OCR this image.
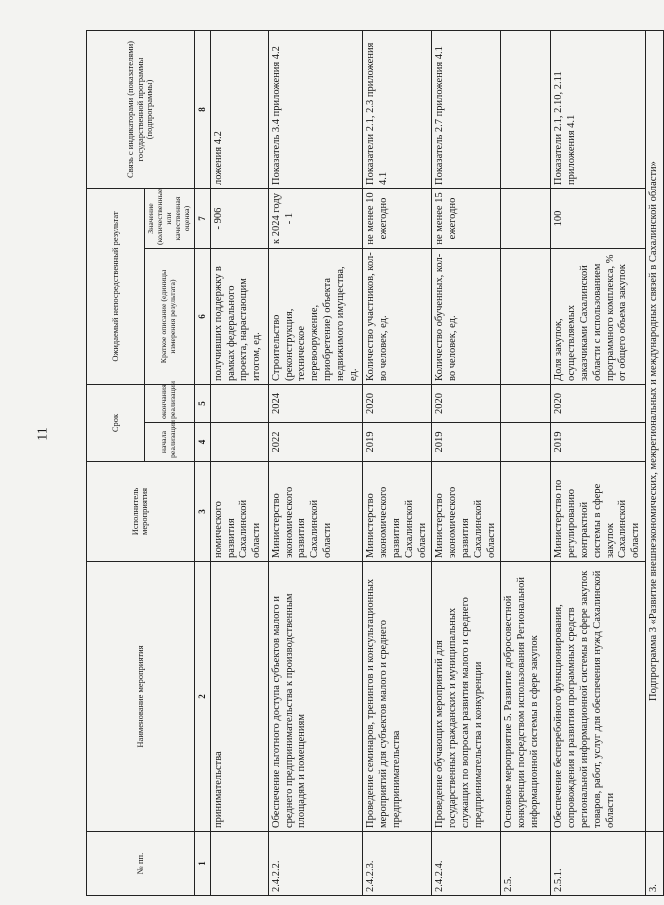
11
№ пп.	Наименование мероприятия	Исполнитель мероприятия	Срок		Ожидаемый непосредственный результат		Связь с индикаторами (показателями) государственной программы (подпрограммы)
			начала реализации	окончания реализации	Краткое описание (единицы измерения результата)	Значение (количественные или качественная оценка)	
1	2	3	4	5	6	7	8
	принимательства	номического развития Сахалинской области			получивших поддержку в рамках федерального проекта, нарастающим итогом, ед.	- 906	ложения 4.2
2.4.2.2.	Обеспечение льготного доступа субъектов малого и среднего предпринимательства к производственным площадям и помещениям	Министерство экономического развития Сахалинской области	2022	2024	Строительство (реконструкция, техническое перевооружение, приобретение) объекта недвижимого имущества, ед.	к 2024 году - 1	Показатель 3.4 приложения 4.2
2.4.2.3.	Проведение семинаров, тренингов и консультационных мероприятий для субъектов малого и среднего предпринимательства	Министерство экономического развития Сахалинской области	2019	2020	Количество участников, кол-во человек, ед.	не менее 10 ежегодно	Показатели 2.1, 2.3 приложения 4.1
2.4.2.4.	Проведение обучающих мероприятий для государственных гражданских и муниципальных служащих по вопросам развития малого и среднего предпринимательства и конкуренции	Министерство экономического развития Сахалинской области	2019	2020	Количество обученных, кол-во человек, ед.	не менее 15 ежегодно	Показатель 2.7 приложения 4.1
2.5.	Основное мероприятие 5. Развитие добросовестной конкуренции посредством использования Региональной информационной системы в сфере закупок						
2.5.1.	Обеспечение бесперебойного функционирования, сопровождения и развития программных средств региональной информационной системы в сфере закупок товаров, работ, услуг для обеспечения нужд Сахалинской области	Министерство по регулированию контрактной системы в сфере закупок Сахалинской области	2019	2020	Доля закупок, осуществляемых заказчиками Сахалинской области с использованием программного комплекса, % от общего объема закупок	100	Показатели 2.1, 2.10, 2.11 приложения 4.1
3.	Подпрограмма 3 «Развитие внешнеэкономических, межрегиональных и международных связей в Сахалинской области»						
